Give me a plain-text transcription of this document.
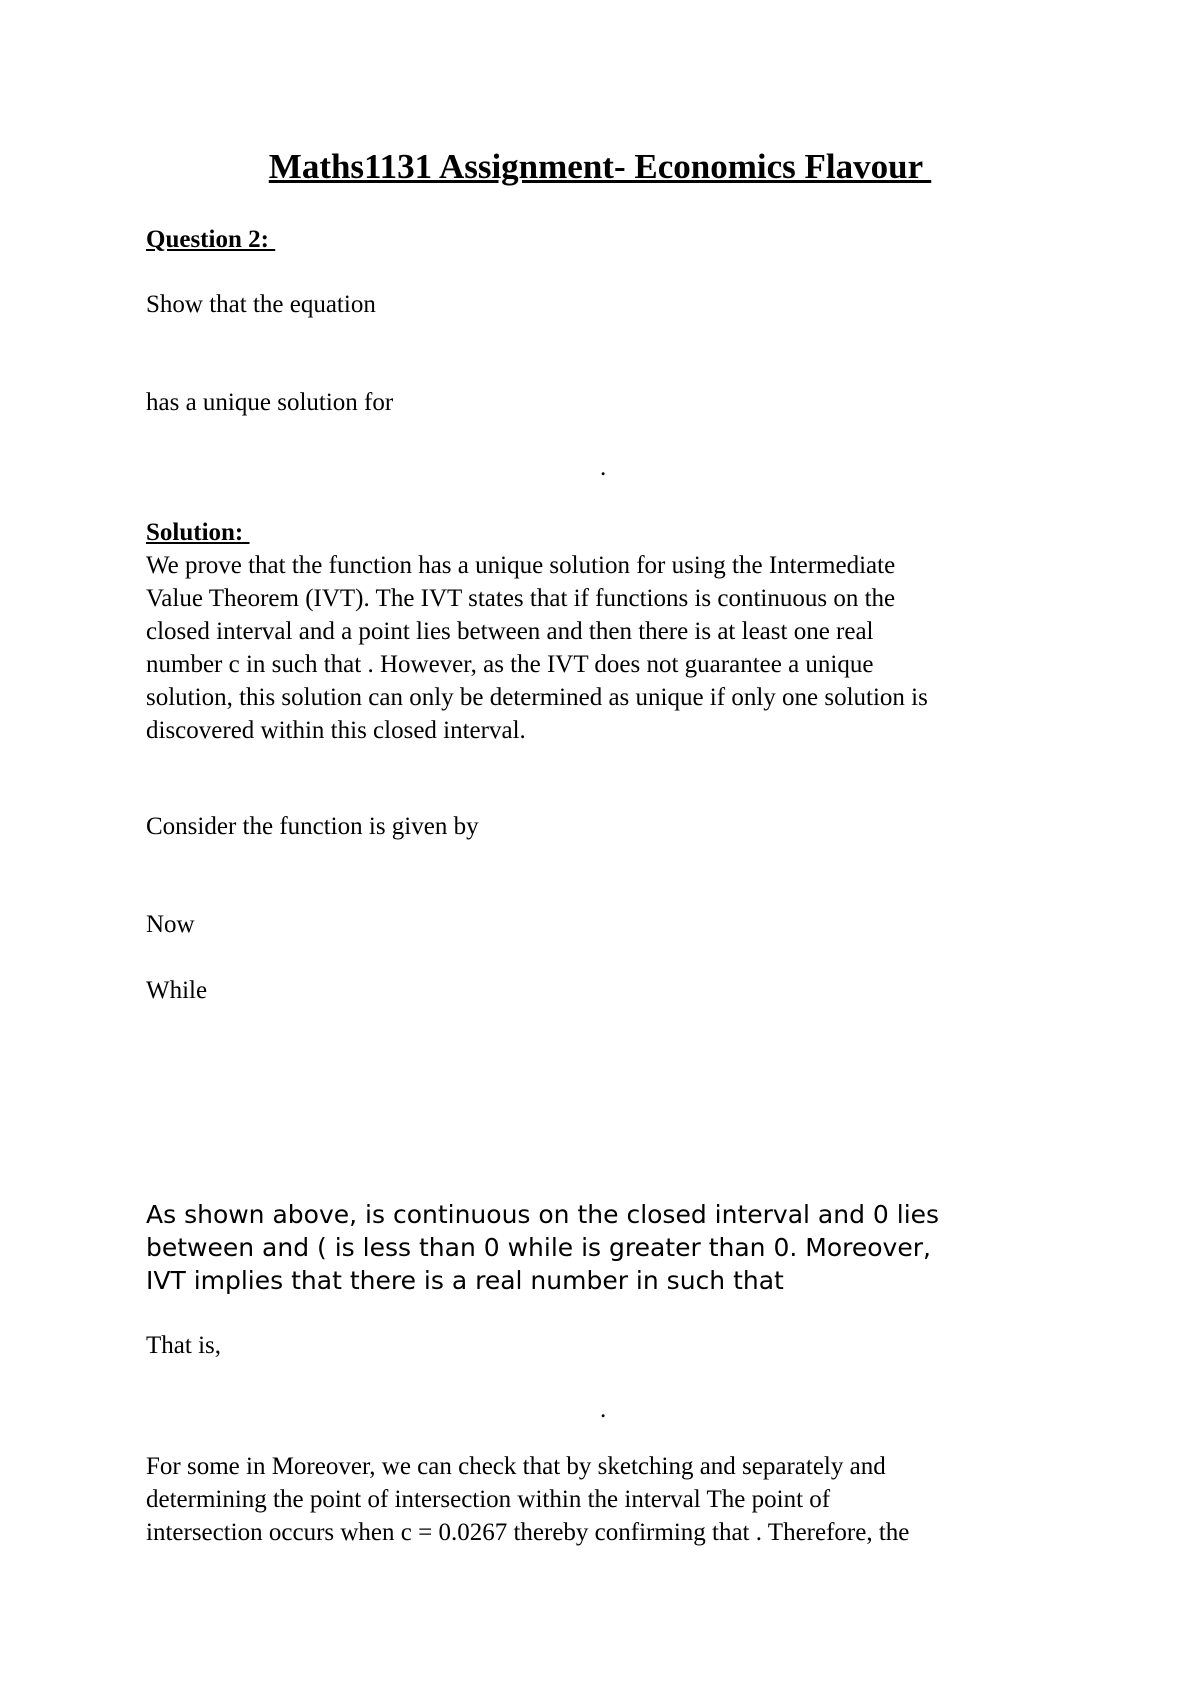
Maths1131 Assignment- Economics Flavour
Question 2:
Show that the equation
has a unique solution for
.
Solution:
We prove that the function has a unique solution for using the Intermediate
Value Theorem (IVT). The IVT states that if functions is continuous on the
closed interval and a point lies between and then there is at least one real
number c in such that . However, as the IVT does not guarantee a unique
solution, this solution can only be determined as unique if only one solution is
discovered within this closed interval.
Consider the function is given by
Now
While
As shown above, is continuous on the closed interval and 0 lies
between and ( is less than 0 while is greater than 0. Moreover,
IVT implies that there is a real number in such that
That is,
.
For some in Moreover, we can check that by sketching and separately and
determining the point of intersection within the interval The point of
intersection occurs when c = 0.0267 thereby confirming that . Therefore, the
